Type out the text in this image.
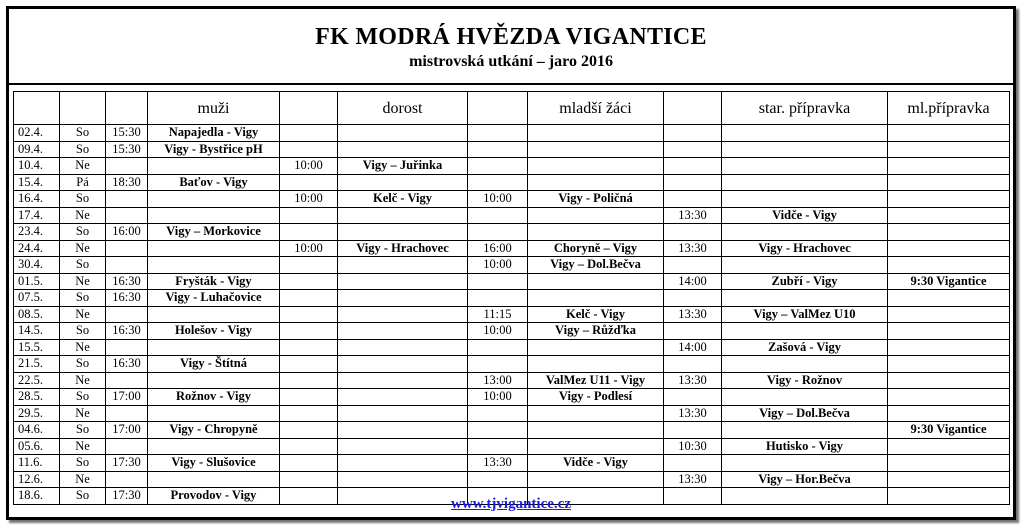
FK MODRÁ HVĚZDA VIGANTICE
mistrovská utkání – jaro 2016
			muži		dorost		mladší žáci		star. přípravka	ml.přípravka
02.4.	So	15:30	Napajedla - Vigy							
09.4.	So	15:30	Vigy - Bystřice pH							
10.4.	Ne			10:00	Vigy – Juřinka					
15.4.	Pá	18:30	Baťov - Vigy							
16.4.	So			10:00	Kelč - Vigy	10:00	Vigy - Poličná			
17.4.	Ne							13:30	Vidče - Vigy	
23.4.	So	16:00	Vigy – Morkovice							
24.4.	Ne			10:00	Vigy - Hrachovec	16:00	Choryně – Vigy	13:30	Vigy - Hrachovec	
30.4.	So					10:00	Vigy – Dol.Bečva			
01.5.	Ne	16:30	Fryšták - Vigy					14:00	Zubří - Vigy	9:30 Vigantice
07.5.	So	16:30	Vigy - Luhačovice							
08.5.	Ne					11:15	Kelč - Vigy	13:30	Vigy – ValMez U10	
14.5.	So	16:30	Holešov - Vigy			10:00	Vigy – Růžďka			
15.5.	Ne							14:00	Zašová - Vigy	
21.5.	So	16:30	Vigy - Štítná							
22.5.	Ne					13:00	ValMez U11 - Vigy	13:30	Vigy - Rožnov	
28.5.	So	17:00	Rožnov - Vigy			10:00	Vigy - Podlesí			
29.5.	Ne							13:30	Vigy – Dol.Bečva	
04.6.	So	17:00	Vigy - Chropyně							9:30 Vigantice
05.6.	Ne							10:30	Hutisko - Vigy	
11.6.	So	17:30	Vigy - Slušovice			13:30	Vidče - Vigy			
12.6.	Ne							13:30	Vigy – Hor.Bečva	
18.6.	So	17:30	Provodov - Vigy							
www.tjvigantice.cz
